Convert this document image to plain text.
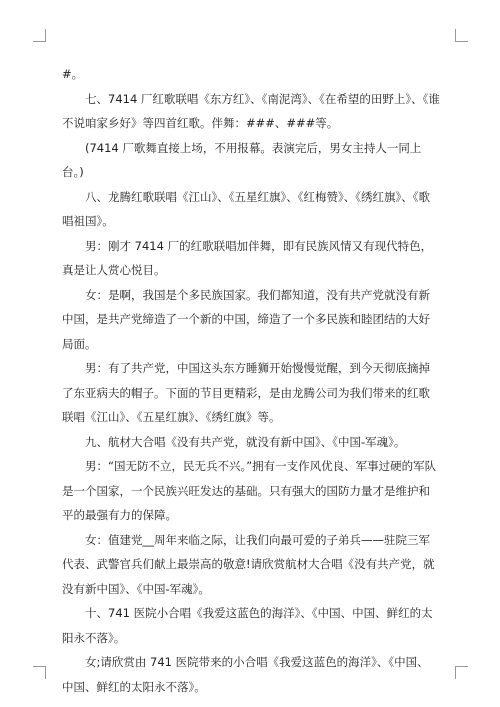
#。

七、7414 厂红歌联唱《东方红》、《南泥湾》、《在希望的田野上》、《谁不说咱家乡好》等四首红歌。伴舞：###、###等。

(7414 厂歌舞直接上场，不用报幕。表演完后，男女主持人一同上台。)

八、龙腾红歌联唱《江山》、《五星红旗》、《红梅赞》、《绣红旗》、《歌唱祖国》。

男：刚才 7414 厂的红歌联唱加伴舞，即有民族风情又有现代特色，真是让人赏心悦目。

女：是啊，我国是个多民族国家。我们都知道，没有共产党就没有新中国，是共产党缔造了一个新的中国，缔造了一个多民族和睦团结的大好局面。

男：有了共产党，中国这头东方睡狮开始慢慢觉醒，到今天彻底摘掉了东亚病夫的帽子。下面的节目更精彩，是由龙腾公司为我们带来的红歌联唱《江山》、《五星红旗》、《绣红旗》等。

九、航材大合唱《没有共产党，就没有新中国》、《中国-军魂》。

男：“国无防不立，民无兵不兴。”拥有一支作风优良、军事过硬的军队是一个国家，一个民族兴旺发达的基础。只有强大的国防力量才是维护和平的最强有力的保障。

女：值建党__周年来临之际，让我们向最可爱的子弟兵——驻院三军代表、武警官兵们献上最崇高的敬意!请欣赏航材大合唱《没有共产党，就没有新中国》、《中国-军魂》。

十、741 医院小合唱《我爱这蓝色的海洋》、《中国、中国、鲜红的太阳永不落》。

女;请欣赏由 741 医院带来的小合唱《我爱这蓝色的海洋》、《中国、中国、鲜红的太阳永不落》。
